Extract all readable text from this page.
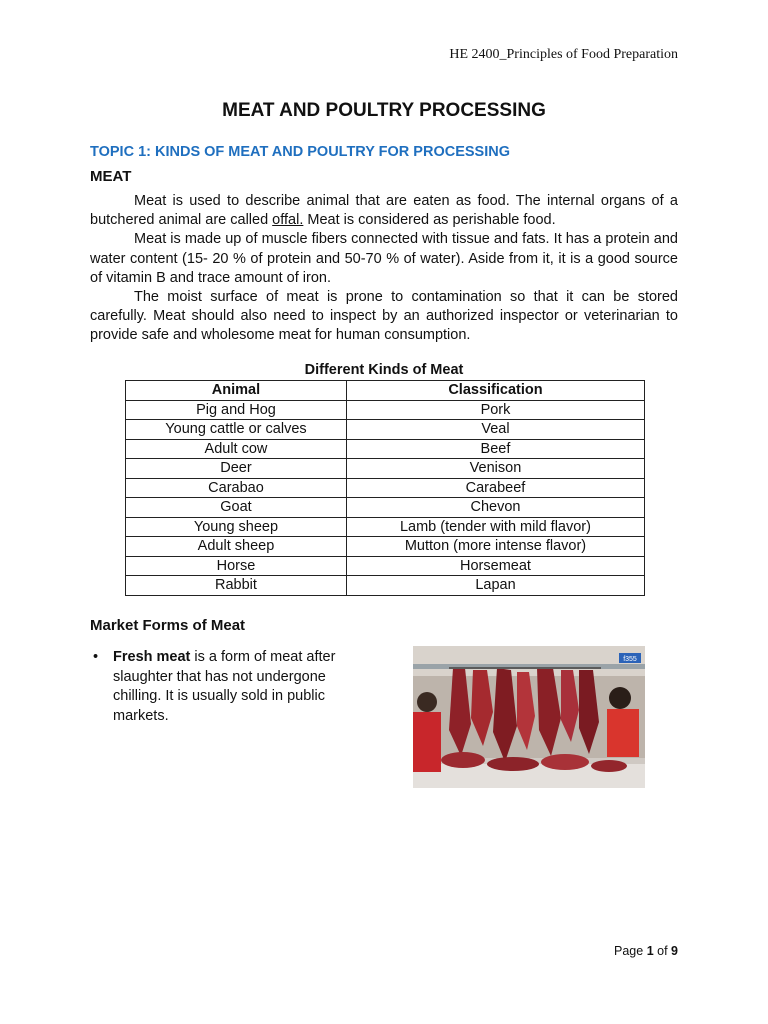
HE 2400_Principles of Food Preparation
MEAT AND POULTRY PROCESSING
TOPIC 1: KINDS OF MEAT AND POULTRY FOR PROCESSING
MEAT

Meat is used to describe animal that are eaten as food. The internal organs of a butchered animal are called offal. Meat is considered as perishable food.

Meat is made up of muscle fibers connected with tissue and fats. It has a protein and water content (15- 20 % of protein and 50-70 % of water). Aside from it, it is a good source of vitamin B and trace amount of iron.

The moist surface of meat is prone to contamination so that it can be stored carefully. Meat should also need to inspect by an authorized inspector or veterinarian to provide safe and wholesome meat for human consumption.

Different Kinds of Meat
Animal	Classification
Pig and Hog	Pork
Young cattle or calves	Veal
Adult cow	Beef
Deer	Venison
Carabao	Carabeef
Goat	Chevon
Young sheep	Lamb (tender with mild flavor)
Adult sheep	Mutton (more intense flavor)
Horse	Horsemeat
Rabbit	Lapan
Market Forms of Meat
• Fresh meat is a form of meat after slaughter that has not undergone chilling. It is usually sold in public markets.
f355
Page 1 of 9
